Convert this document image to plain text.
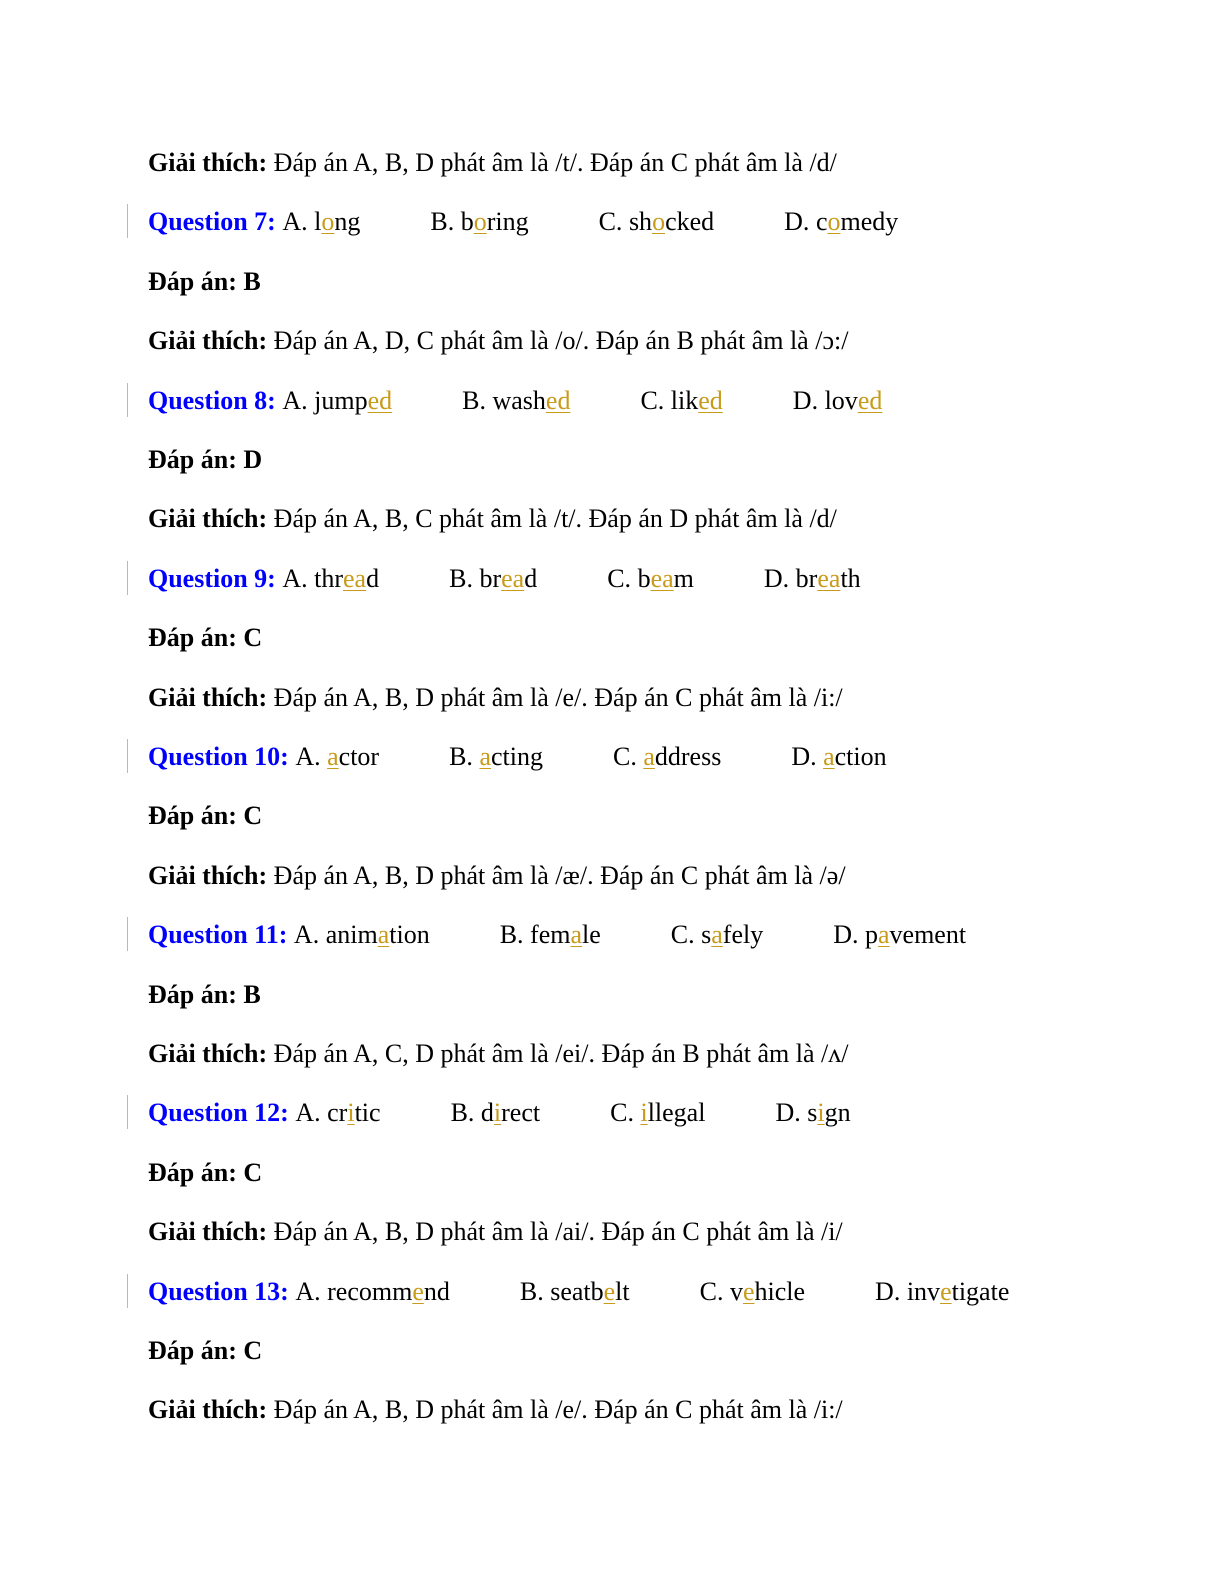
Giải thích: Đáp án A, B, D phát âm là /t/. Đáp án C phát âm là /d/
Question 7: A. long	B. boring	C. shocked	D. comedy
Đáp án: B
Giải thích: Đáp án A, D, C phát âm là /o/. Đáp án B phát âm là /ɔ:/
Question 8: A. jumped	B. washed	C. liked	D. loved
Đáp án: D
Giải thích: Đáp án A, B, C phát âm là /t/. Đáp án D phát âm là /d/
Question 9: A. thread	B. bread	C. beam	D. breath
Đáp án: C
Giải thích: Đáp án A, B, D phát âm là /e/. Đáp án C phát âm là /i:/
Question 10: A. actor	B. acting	C. address	D. action
Đáp án: C
Giải thích: Đáp án A, B, D phát âm là /æ/. Đáp án C phát âm là /ə/
Question 11: A. animation	B. female	C. safely	D. pavement
Đáp án: B
Giải thích: Đáp án A, C, D phát âm là /ei/. Đáp án B phát âm là /ʌ/
Question 12: A. critic	B. direct	C. illegal	D. sign
Đáp án: C
Giải thích: Đáp án A, B, D phát âm là /ai/. Đáp án C phát âm là /i/
Question 13: A. recommend	B. seatbelt	C. vehicle	D. invetigate
Đáp án: C
Giải thích: Đáp án A, B, D phát âm là /e/. Đáp án C phát âm là /i:/
